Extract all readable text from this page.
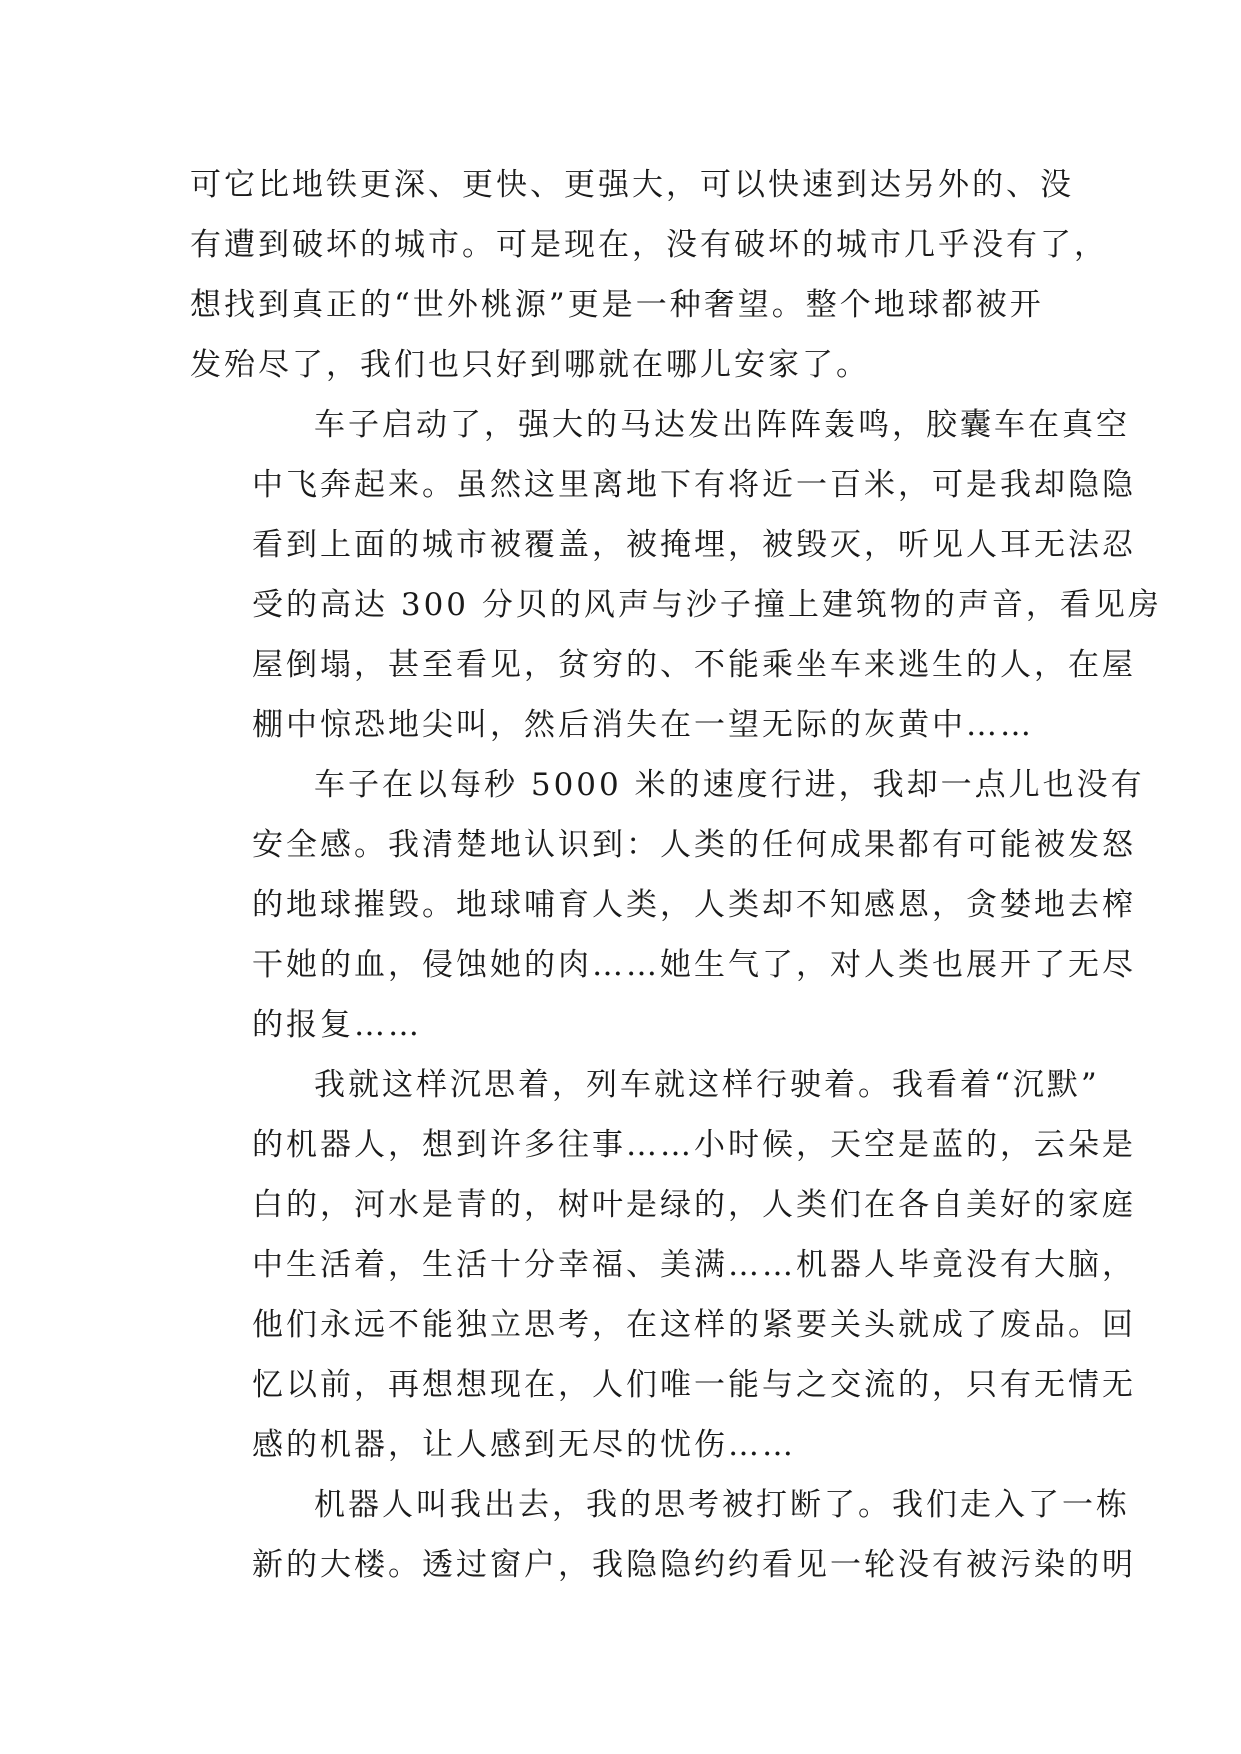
可它比地铁更深、更快、更强大，可以快速到达另外的、没
有遭到破坏的城市。可是现在，没有破坏的城市几乎没有了，
想找到真正的“世外桃源”更是一种奢望。整个地球都被开
发殆尽了，我们也只好到哪就在哪儿安家了。
车子启动了，强大的马达发出阵阵轰鸣，胶囊车在真空
中飞奔起来。虽然这里离地下有将近一百米，可是我却隐隐
看到上面的城市被覆盖，被掩埋，被毁灭，听见人耳无法忍
受的高达 300 分贝的风声与沙子撞上建筑物的声音，看见房
屋倒塌，甚至看见，贫穷的、不能乘坐车来逃生的人，在屋
棚中惊恐地尖叫，然后消失在一望无际的灰黄中……
车子在以每秒 5000 米的速度行进，我却一点儿也没有
安全感。我清楚地认识到：人类的任何成果都有可能被发怒
的地球摧毁。地球哺育人类，人类却不知感恩，贪婪地去榨
干她的血，侵蚀她的肉……她生气了，对人类也展开了无尽
的报复……
我就这样沉思着，列车就这样行驶着。我看着“沉默”
的机器人，想到许多往事……小时候，天空是蓝的，云朵是
白的，河水是青的，树叶是绿的，人类们在各自美好的家庭
中生活着，生活十分幸福、美满……机器人毕竟没有大脑，
他们永远不能独立思考，在这样的紧要关头就成了废品。回
忆以前，再想想现在，人们唯一能与之交流的，只有无情无
感的机器，让人感到无尽的忧伤……
机器人叫我出去，我的思考被打断了。我们走入了一栋
新的大楼。透过窗户，我隐隐约约看见一轮没有被污染的明
